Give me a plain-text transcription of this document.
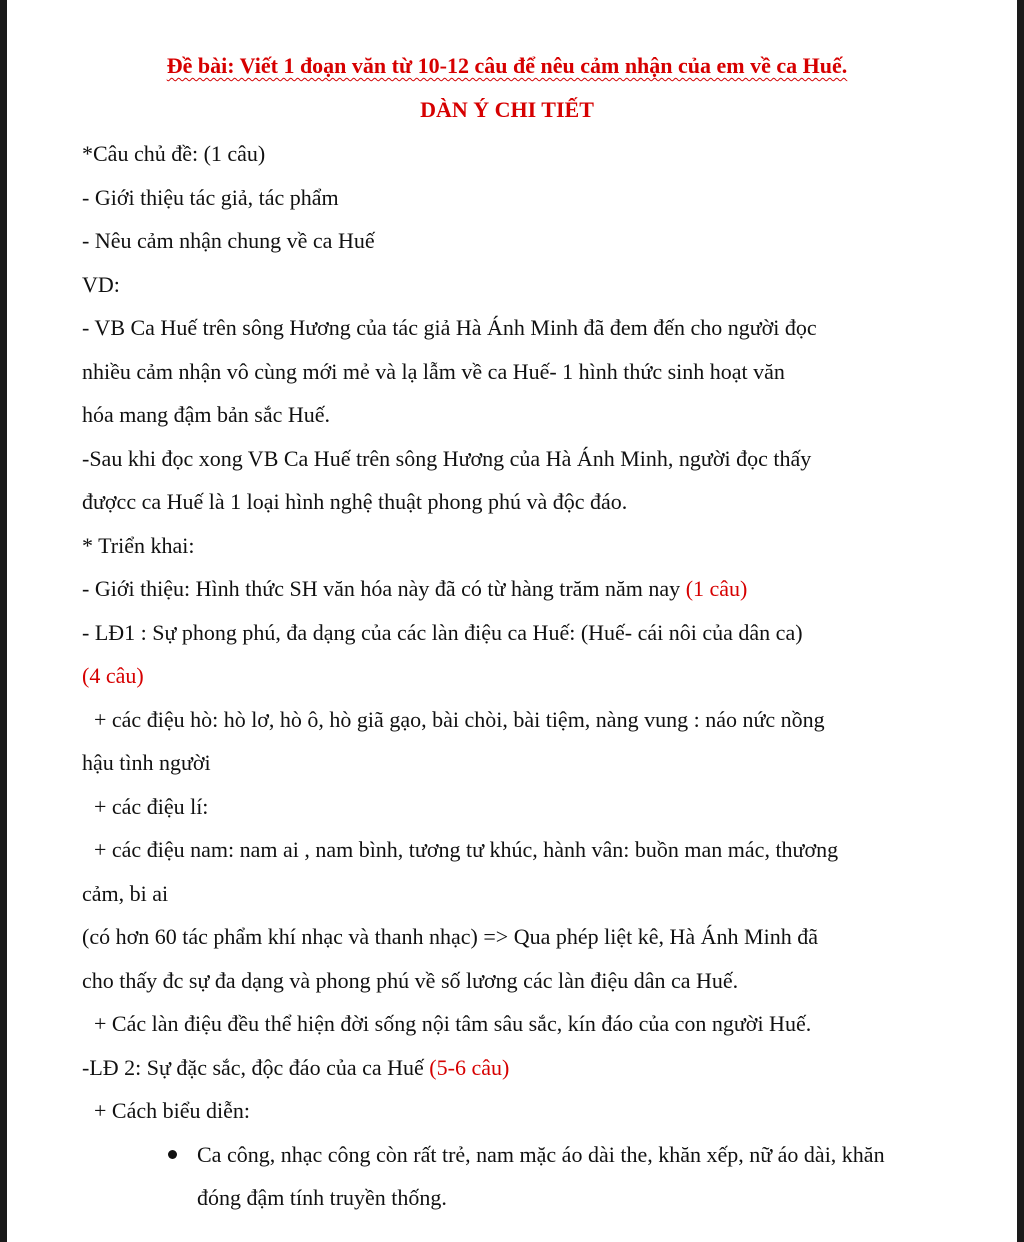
Đề bài: Viết 1 đoạn văn từ 10-12 câu để nêu cảm nhận của em về ca Huế.

DÀN Ý CHI TIẾT

*Câu chủ đề: (1 câu)

- Giới thiệu tác giả, tác phẩm

- Nêu cảm nhận chung về ca Huế

VD:

- VB Ca Huế trên sông Hương của tác giả Hà Ánh Minh đã đem đến cho người đọc

nhiều cảm nhận vô cùng mới mẻ và lạ lẫm về ca Huế- 1 hình thức sinh hoạt văn

hóa mang đậm bản sắc Huế.

-Sau khi đọc xong VB Ca Huế trên sông Hương của Hà Ánh Minh, người đọc thấy

đượcc ca Huế là 1 loại hình nghệ thuật phong phú và độc đáo.

* Triển khai:

- Giới thiệu: Hình thức SH văn hóa này đã có từ hàng trăm năm nay (1 câu)

- LĐ1 : Sự phong phú, đa dạng của các làn điệu ca Huế: (Huế- cái nôi của dân ca)

(4 câu)

+ các điệu hò: hò lơ, hò ô, hò giã gạo, bài chòi, bài tiệm, nàng vung : náo nức nồng

hậu tình người

+ các điệu lí:

+ các điệu nam: nam ai , nam bình, tương tư khúc, hành vân: buồn man mác, thương

cảm, bi ai

(có hơn 60 tác phẩm khí nhạc và thanh nhạc) => Qua phép liệt kê, Hà Ánh Minh đã

cho thấy đc sự đa dạng và phong phú về số lương các làn điệu dân ca Huế.

+ Các làn điệu đều thể hiện đời sống nội tâm sâu sắc, kín đáo của con người Huế.

-LĐ 2: Sự đặc sắc, độc đáo của ca Huế (5-6 câu)

+ Cách biểu diễn:

Ca công, nhạc công còn rất trẻ, nam mặc áo dài the, khăn xếp, nữ áo dài, khăn đóng đậm tính truyền thống.
